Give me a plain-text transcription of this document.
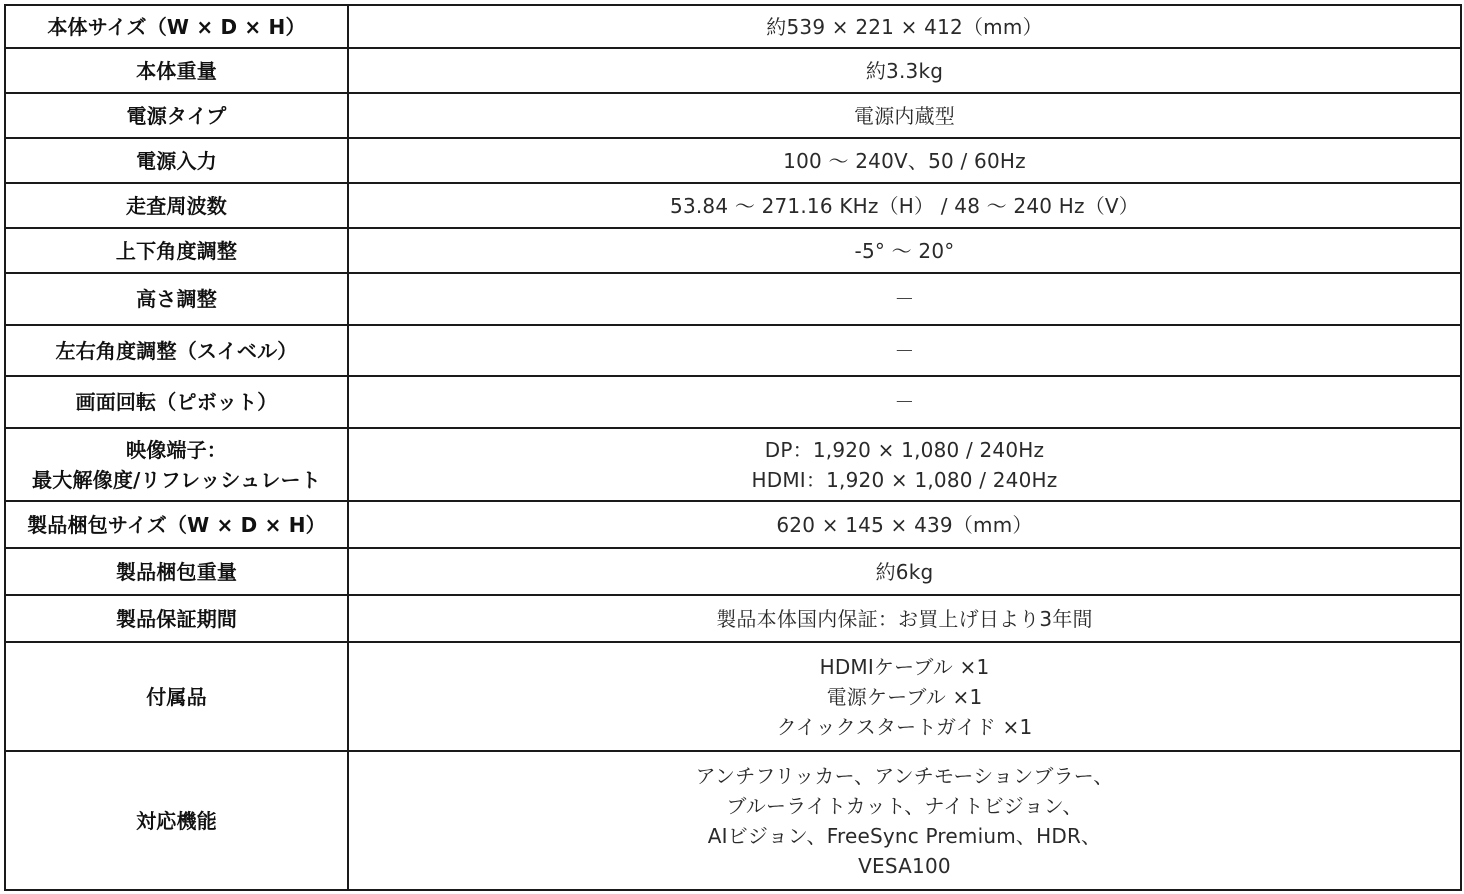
本体サイズ（W × D × H）	約539 × 221 × 412（mm）

本体重量	約3.3kg

電源タイプ	電源内蔵型

電源入力	100 ～ 240V、50 / 60Hz

走査周波数	53.84 ～ 271.16 KHz（H） / 48 ～ 240 Hz（V）

上下角度調整	-5° ～ 20°

高さ調整	－

左右角度調整（スイベル）	－

画面回転（ピボット）	－

映像端子：
最大解像度/リフレッシュレート	DP：1,920 × 1,080 / 240Hz
HDMI：1,920 × 1,080 / 240Hz

製品梱包サイズ（W × D × H）	620 × 145 × 439（mm）

製品梱包重量	約6kg

製品保証期間	製品本体国内保証：お買上げ日より3年間

付属品	HDMIケーブル ×1
電源ケーブル ×1
クイックスタートガイド ×1

対応機能	アンチフリッカー、アンチモーションブラー、
ブルーライトカット、ナイトビジョン、
AIビジョン、FreeSync Premium、HDR、
VESA100
